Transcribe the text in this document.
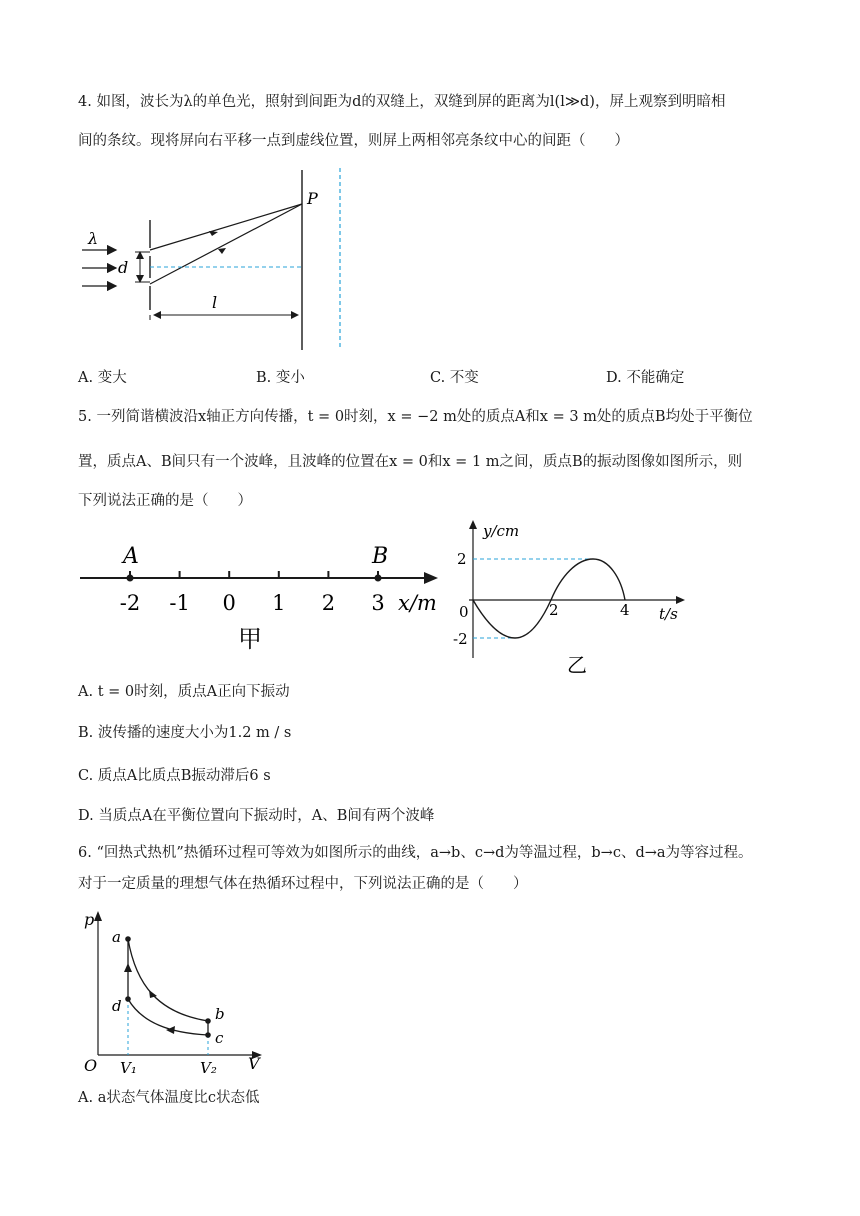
4. 如图，波长为λ的单色光，照射到间距为d的双缝上，双缝到屏的距离为l(l≫d)，屏上观察到明暗相
间的条纹。现将屏向右平移一点到虚线位置，则屏上两相邻亮条纹中心的间距（　　）
λ
d
P
l
A. 变大	B. 变小	C. 不变	D. 不能确定
5. 一列简谐横波沿x轴正方向传播，t = 0时刻，x = −2 m处的质点A和x = 3 m处的质点B均处于平衡位
置，质点A、B间只有一个波峰，且波峰的位置在x = 0和x = 1 m之间，质点B的振动图像如图所示，则
下列说法正确的是（　　）
-2 -1 0 1 2 3
A	B
x/m
甲
y/cm
t/s
2
-2
0	2	4
乙
A. t = 0时刻，质点A正向下振动
B. 波传播的速度大小为1.2 m / s
C. 质点A比质点B振动滞后6 s
D. 当质点A在平衡位置向下振动时，A、B间有两个波峰
6. “回热式热机”热循环过程可等效为如图所示的曲线，a→b、c→d为等温过程，b→c、d→a为等容过程。
对于一定质量的理想气体在热循环过程中，下列说法正确的是（　　）
p
V
O V₁	V₂
a
b
c
d
A. a状态气体温度比c状态低
